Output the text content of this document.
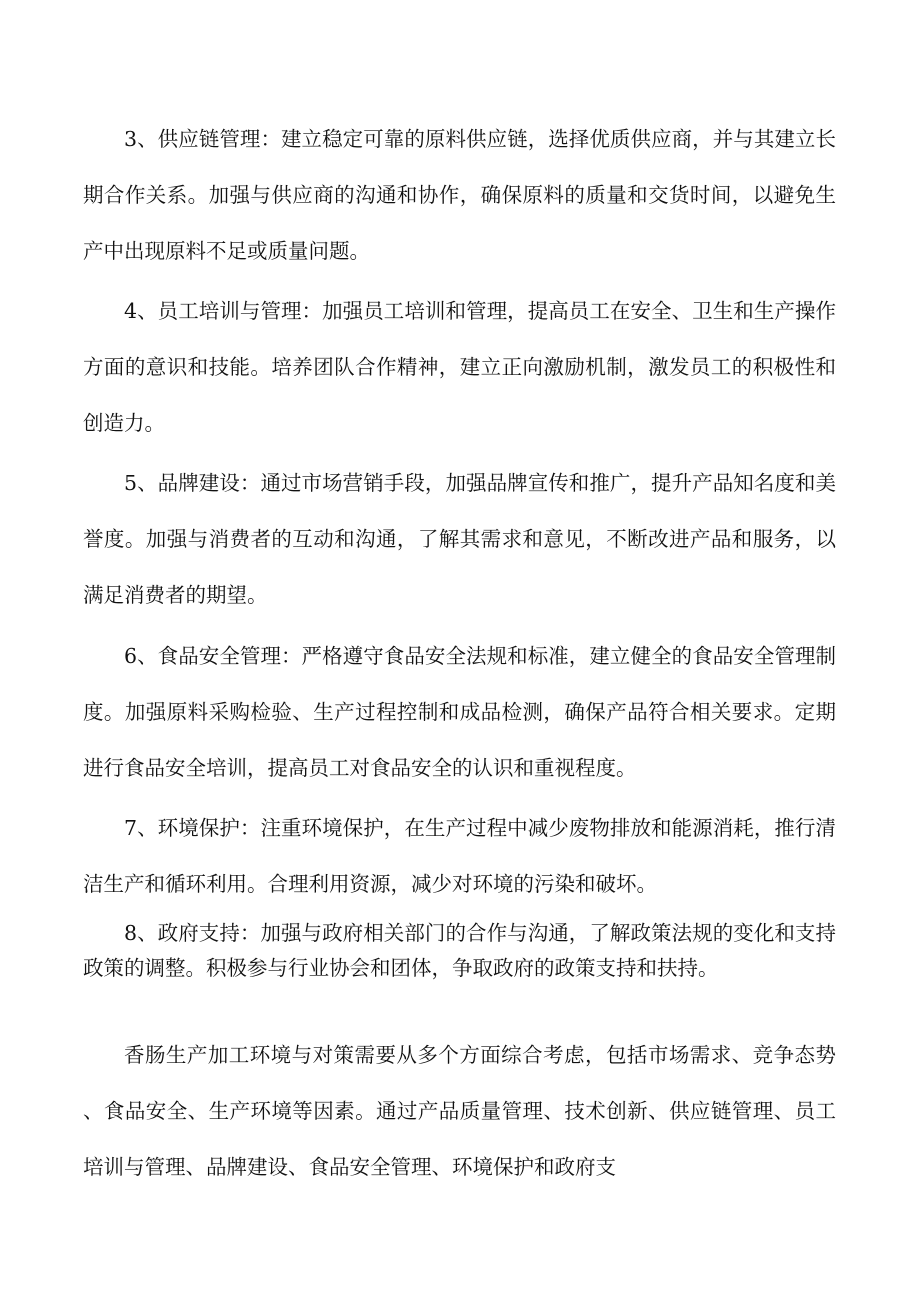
3、供应链管理：建立稳定可靠的原料供应链，选择优质供应商，并与其建立长期合作关系。加强与供应商的沟通和协作，确保原料的质量和交货时间，以避免生产中出现原料不足或质量问题。

4、员工培训与管理：加强员工培训和管理，提高员工在安全、卫生和生产操作方面的意识和技能。培养团队合作精神，建立正向激励机制，激发员工的积极性和创造力。

5、品牌建设：通过市场营销手段，加强品牌宣传和推广，提升产品知名度和美誉度。加强与消费者的互动和沟通，了解其需求和意见，不断改进产品和服务，以满足消费者的期望。

6、食品安全管理：严格遵守食品安全法规和标准，建立健全的食品安全管理制度。加强原料采购检验、生产过程控制和成品检测，确保产品符合相关要求。定期进行食品安全培训，提高员工对食品安全的认识和重视程度。

7、环境保护：注重环境保护，在生产过程中减少废物排放和能源消耗，推行清洁生产和循环利用。合理利用资源，减少对环境的污染和破坏。

8、政府支持：加强与政府相关部门的合作与沟通，了解政策法规的变化和支持政策的调整。积极参与行业协会和团体，争取政府的政策支持和扶持。

香肠生产加工环境与对策需要从多个方面综合考虑，包括市场需求、竞争态势、食品安全、生产环境等因素。通过产品质量管理、技术创新、供应链管理、员工培训与管理、品牌建设、食品安全管理、环境保护和政府支
